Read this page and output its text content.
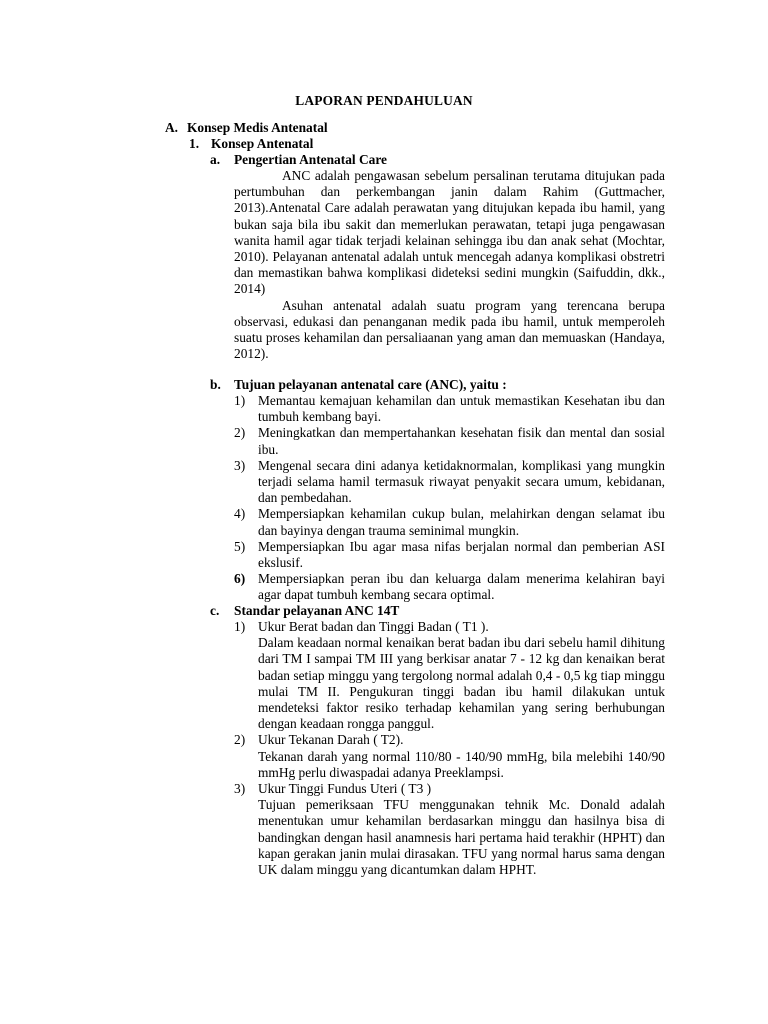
LAPORAN PENDAHULUAN
A. Konsep Medis Antenatal
1. Konsep Antenatal
a. Pengertian Antenatal Care

ANC adalah pengawasan sebelum persalinan terutama ditujukan pada pertumbuhan dan perkembangan janin dalam Rahim (Guttmacher, 2013).Antenatal Care adalah perawatan yang ditujukan kepada ibu hamil, yang bukan saja bila ibu sakit dan memerlukan perawatan, tetapi juga pengawasan wanita hamil agar tidak terjadi kelainan sehingga ibu dan anak sehat (Mochtar, 2010). Pelayanan antenatal adalah untuk mencegah adanya komplikasi obstretri dan memastikan bahwa komplikasi dideteksi sedini mungkin (Saifuddin, dkk., 2014)

Asuhan antenatal adalah suatu program yang terencana berupa observasi, edukasi dan penanganan medik pada ibu hamil, untuk memperoleh suatu proses kehamilan dan persaliaanan yang aman dan memuaskan (Handaya, 2012).

b. Tujuan pelayanan antenatal care (ANC), yaitu :
1) Memantau kemajuan kehamilan dan untuk memastikan Kesehatan ibu dan tumbuh kembang bayi.
2) Meningkatkan dan mempertahankan kesehatan fisik dan mental dan sosial ibu.
3) Mengenal secara dini adanya ketidaknormalan, komplikasi yang mungkin terjadi selama hamil termasuk riwayat penyakit secara umum, kebidanan, dan pembedahan.
4) Mempersiapkan kehamilan cukup bulan, melahirkan dengan selamat ibu dan bayinya dengan trauma seminimal mungkin.
5) Mempersiapkan Ibu agar masa nifas berjalan normal dan pemberian ASI ekslusif.
6) Mempersiapkan peran ibu dan keluarga dalam menerima kelahiran bayi agar dapat tumbuh kembang secara optimal.
c. Standar pelayanan ANC 14T
1) Ukur Berat badan dan Tinggi Badan ( T1 ).
Dalam keadaan normal kenaikan berat badan ibu dari sebelu hamil dihitung dari TM I sampai TM III yang berkisar anatar 7 - 12 kg dan kenaikan berat badan setiap minggu yang tergolong normal adalah 0,4 - 0,5 kg tiap minggu mulai TM II. Pengukuran tinggi badan ibu hamil dilakukan untuk mendeteksi faktor resiko terhadap kehamilan yang sering berhubungan dengan keadaan rongga panggul.
2) Ukur Tekanan Darah ( T2).
Tekanan darah yang normal 110/80 - 140/90 mmHg, bila melebihi 140/90 mmHg perlu diwaspadai adanya Preeklampsi.
3) Ukur Tinggi Fundus Uteri ( T3 )
Tujuan pemeriksaan TFU menggunakan tehnik Mc. Donald adalah menentukan umur kehamilan berdasarkan minggu dan hasilnya bisa di bandingkan dengan hasil anamnesis hari pertama haid terakhir (HPHT) dan kapan gerakan janin mulai dirasakan. TFU yang normal harus sama dengan UK dalam minggu yang dicantumkan dalam HPHT.
